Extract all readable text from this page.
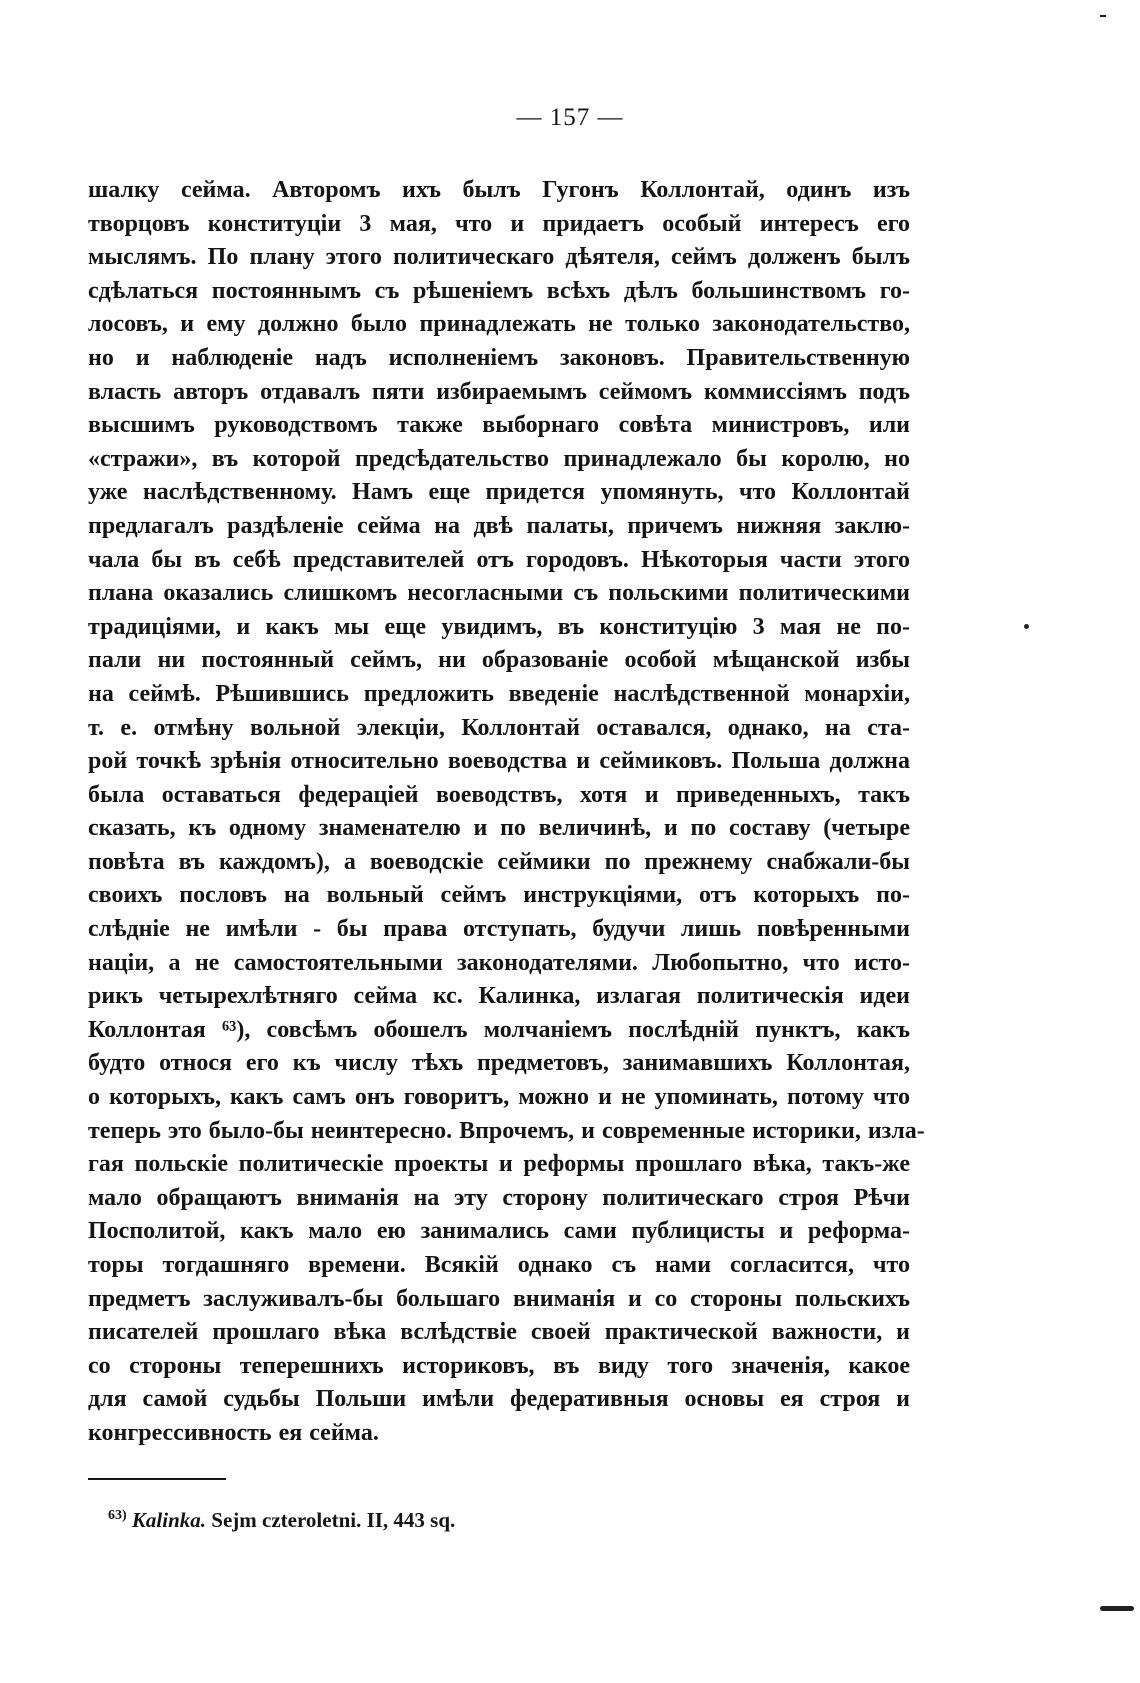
— 157 —
шалку сейма. Авторомъ ихъ былъ Гугонъ Коллонтай, одинъ изъ
творцовъ конституціи 3 мая, что и придаетъ особый интересъ его
мыслямъ. По плану этого политическаго дѣятеля, сеймъ долженъ былъ
сдѣлаться постояннымъ съ рѣшеніемъ всѣхъ дѣлъ большинствомъ го-
лосовъ, и ему должно было принадлежать не только законодательство,
но и наблюденіе надъ исполненіемъ законовъ. Правительственную
власть авторъ отдавалъ пяти избираемымъ сеймомъ коммиссіямъ подъ
высшимъ руководствомъ также выборнаго совѣта министровъ, или
«стражи», въ которой предсѣдательство принадлежало бы королю, но
уже наслѣдственному. Намъ еще придется упомянуть, что Коллонтай
предлагалъ раздѣленіе сейма на двѣ палаты, причемъ нижняя заклю-
чала бы въ себѣ представителей отъ городовъ. Нѣкоторыя части этого
плана оказались слишкомъ несогласными съ польскими политическими
традиціями, и какъ мы еще увидимъ, въ конституцію 3 мая не по-
пали ни постоянный сеймъ, ни образованіе особой мѣщанской избы
на сеймѣ. Рѣшившись предложить введеніе наслѣдственной монархіи,
т. е. отмѣну вольной элекціи, Коллонтай оставался, однако, на ста-
рой точкѣ зрѣнія относительно воеводства и сеймиковъ. Польша должна
была оставаться федерацiей воеводствъ, хотя и приведенныхъ, такъ
сказать, къ одному знаменателю и по величинѣ, и по составу (четыре
повѣта въ каждомъ), а воеводскіе сеймики по прежнему снабжали-бы
своихъ пословъ на вольный сеймъ инструкціями, отъ которыхъ по-
слѣдніе не имѣли - бы права отступать, будучи лишь повѣренными
націи, а не самостоятельными законодателями. Любопытно, что исто-
рикъ четырехлѣтняго сейма кс. Калинка, излагая политическія идеи
Коллонтая ⁶³), совсѣмъ обошелъ молчаніемъ послѣдній пунктъ, какъ
будто относя его къ числу тѣхъ предметовъ, занимавшихъ Коллонтая,
о которыхъ, какъ самъ онъ говоритъ, можно и не упоминать, потому что
теперь это было-бы неинтересно. Впрочемъ, и современные историки, изла-
гая польскіе политическіе проекты и реформы прошлаго вѣка, такъ-же
мало обращаютъ вниманія на эту сторону политическаго строя Рѣчи
Посполитой, какъ мало ею занимались сами публицисты и реформа-
торы тогдашняго времени. Всякій однако съ нами согласится, что
предметъ заслуживалъ-бы большаго вниманія и со стороны польскихъ
писателей прошлаго вѣка вслѣдствіе своей практической важности, и
со стороны теперешнихъ историковъ, въ виду того значенія, какое
для самой судьбы Польши имѣли федеративныя основы ея строя и
конгрессивность ея сейма.
$^{63)}$ Kalinka. Sejm czteroletni. II, 443 sq.
